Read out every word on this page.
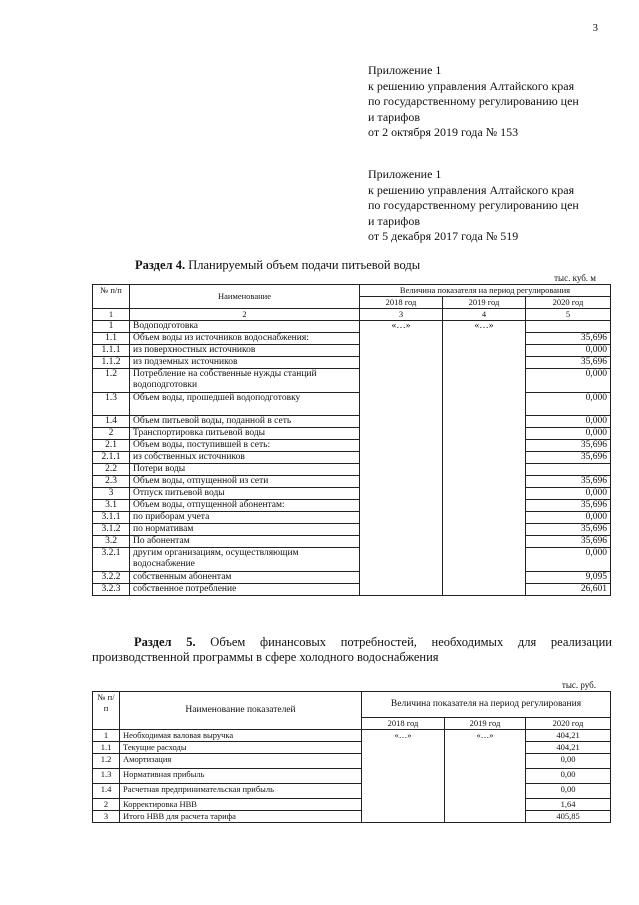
3
Приложение 1
к решению управления Алтайского края
по государственному регулированию цен
и тарифов
от 2 октября 2019 года № 153
Приложение 1
к решению управления Алтайского края
по государственному регулированию цен
и тарифов
от 5 декабря 2017 года № 519
Раздел 4. Планируемый объем подачи питьевой воды
тыс. куб. м
№ п/п	Наименование	Величина показателя на период регулирования		
		2018 год	2019 год	2020 год
1	2	3	4	5
1	Водоподготовка	«…»	«…»	
1.1	Объем воды из источников водоснабжения:			35,696
1.1.1	из поверхностных источников			0,000
1.1.2	из подземных источников			35,696
1.2	Потребление на собственные нужды станций водоподготовки			0,000
1.3	Объем воды, прошедшей водоподготовку			0,000
1.4	Объем питьевой воды, поданной в сеть			0,000
2	Транспортировка питьевой воды			0,000
2.1	Объем воды, поступившей в сеть:			35,696
2.1.1	из собственных источников			35,696
2.2	Потери воды			
2.3	Объем воды, отпущенной из сети			35,696
3	Отпуск питьевой воды			0,000
3.1	Объем воды, отпущенной абонентам:			35,696
3.1.1	по приборам учета			0,000
3.1.2	по нормативам			35,696
3.2	По абонентам			35,696
3.2.1	другим организациям, осуществляющим водоснабжение			0,000
3.2.2	собственным абонентам			9,095
3.2.3	собственное потребление			26,601
Раздел 5. Объем финансовых потребностей, необходимых для реализации производственной программы в сфере холодного водоснабжения
тыс. руб.
№ п/п	Наименование показателей	Величина показателя на период регулирования		
		2018 год	2019 год	2020 год
1	Необходимая валовая выручка	«…»	«…»	404,21
1.1	Текущие расходы			404,21
1.2	Амортизация			0,00
1.3	Нормативная прибыль			0,00
1.4	Расчетная предпринимательская прибыль			0,00
2	Корректировка НВВ			1,64
3	Итого НВВ для расчета тарифа			405,85
